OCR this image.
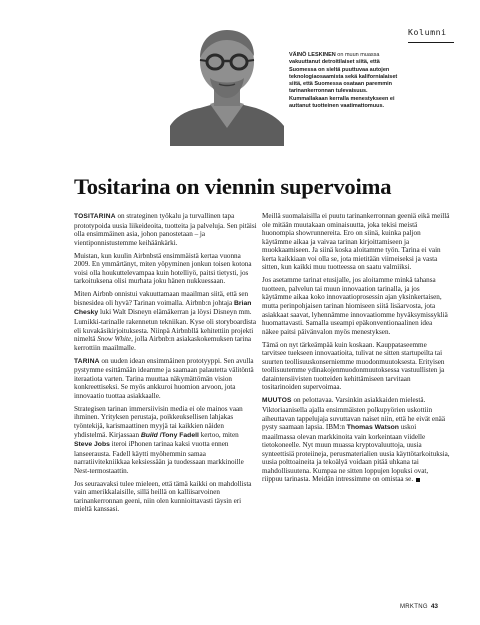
Kolumni
VÄINÖ LESKINEN on muun muassa vakuuttanut detroitilaiset siitä, että Suomessa on sieltä puuttuvaa autojen teknologiaosaamista sekä kalifornialaiset siitä, että Suomessa osataan paremmin tarinankerronnan tulevaisuus. Kummallakaan kerralla menestykseen ei auttanut tuotteinen vaatimattomuus.
Tositarina on viennin supervoima

TOSITARINA on strateginen työkalu ja turvallinen tapa prototypoida uusia liikeideoita, tuotteita ja palveluja. Sen pitäisi olla ensimmäinen asia, johon panostetaan – ja vientiponnistustemme keihäänkärki.

Muistan, kun kuulin Airbnbstä ensimmäistä kertaa vuonna 2009. En ymmärtänyt, miten yöpyminen jonkun toisen kotona voisi olla houkuttelevampaa kuin hotelliyö, paitsi tietysti, jos tarkoituksena olisi murhata joku hänen nukkuessaan.

Miten Airbnb onnistui vakuuttamaan maailman siitä, että sen bisnesidea oli hyvä? Tarinan voimalla. Airbnb:n johtaja Brian Chesky luki Walt Disneyn elämäkerran ja löysi Disneyn mm. Lumikki-tarinalle rakennetun tekniikan. Kyse oli storyboardista eli kuvakäsikirjoituksesta. Niinpä Airbnbllä kehitettiin projekti nimeltä Snow White, jolla Airbnb:n asiakaskokemuksen tarina kerrottiin maailmalle.

TARINA on uuden idean ensimmäinen prototyyppi. Sen avulla pystymme esittämään ideamme ja saamaan palautetta välitöntä iteraatiota varten. Tarina muuttaa näkymättömän vision konkreettiseksi. Se myös ankkuroi huomion arvoon, jota innovaatio tuottaa asiakkaalle.

Strategisen tarinan immersiivisin media ei ole mainos vaan ihminen. Yrityksen perustaja, poikkeuksellisen lahjakas työntekijä, karismaattinen myyjä tai kaikkien näiden yhdistelmä. Kirjassaan Build /Tony Fadell kertoo, miten Steve Jobs iteroi iPhonen tarinaa kaksi vuotta ennen lanseerausta. Fadell käytti myöhemmin samaa narratiivitekniikkaa keksiessään ja tuodessaan markkinoille Nest-termostaattin.

Jos seuraavaksi tulee mieleen, että tämä kaikki on mahdollista vain amerikkalaisille, sillä heillä on kalliisarvoinen tarinankerronnan geeni, niin olen kunnioittavasti täysin eri mieltä kanssasi.

Meillä suomalaisilla ei puutu tarinankerronnan geeniä eikä meillä ole mitään muutakaan ominaisuutta, joka tekisi meistä huonompia showrunnereita. Ero on siinä, kuinka paljon käytämme aikaa ja vaivaa tarinan kirjoittamiseen ja muokkaamiseen. Ja siinä koska aloitamme työn. Tarina ei vain kerta kaikkiaan voi olla se, jota mietitään viimeiseksi ja vasta sitten, kun kaikki muu tuotteessa on saatu valmiiksi.

Jos asetamme tarinat etusijalle, jos aloitamme minkä tahansa tuotteen, palvelun tai muun innovaation tarinalla, ja jos käytämme aikaa koko innovaatioprosessin ajan yksinkertaisen, mutta perinpohjaisen tarinan hiomiseen siitä lisäarvosta, jota asiakkaat saavat, lyhennämme innovaatiomme hyväksymissykliä huomattavasti. Samalla useampi epäkonventionaalinen idea näkee paitsi päivänvalon myös menestyksen.

Tämä on nyt tärkeämpää kuin koskaan. Kauppataseemme tarvitsee tuekseen innovaatioita, tulivat ne sitten startupeilta tai suurten teollisuuskonserniemme muodonmuutoksesta. Erityisen teollisuutemme ydinakojenmuodonmuutoksessa vastuullisten ja dataintensiivisten tuotteiden kehittämiseen tarvitaan tositarinoiden supervoimaa.

MUUTOS on pelottavaa. Varsinkin asiakkaiden mielestä. Viktoriaanisella ajalla ensimmäisten polkupyörien uskottiin aiheuttavan tappelujaja suvuttavan naiset niin, että he eivät enää pysty saamaan lapsia. IBM:n Thomas Watson uskoi maailmassa olevan markkinoita vain korkeintaan viidelle tietokoneelle. Nyt muun muassa kryptovaluuttoja, uusia synteettisiä proteiineja, perusmaterialien uusia käyttötarkoituksia, uusia polttoaineita ja tekoälyä voidaan pitää uhkana tai mahdollisuutena. Kumpaa ne sitten loppujen lopuksi ovat, riippuu tarinasta. Meidän intressimme on omistaa se.

MRKTNG 43
